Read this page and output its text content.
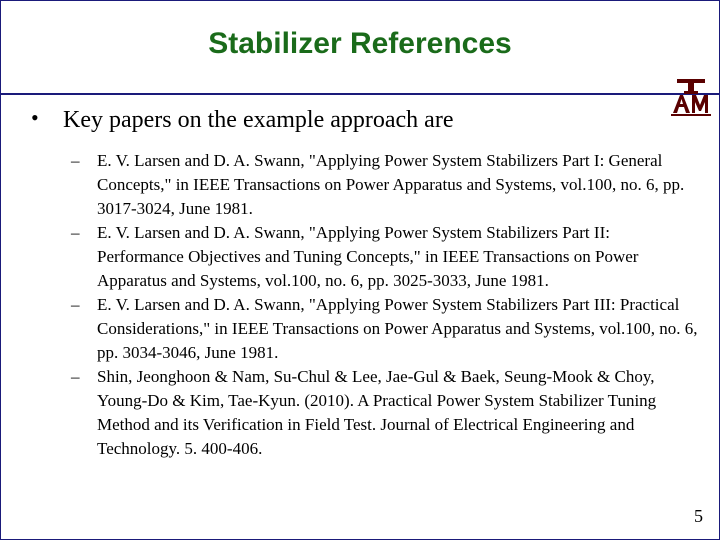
Stabilizer References
• Key papers on the example approach are
– E. V. Larsen and D. A. Swann, "Applying Power System Stabilizers Part I: General Concepts," in IEEE Transactions on Power Apparatus and Systems, vol.100, no. 6, pp. 3017-3024, June 1981.
– E. V. Larsen and D. A. Swann, "Applying Power System Stabilizers Part II: Performance Objectives and Tuning Concepts," in IEEE Transactions on Power Apparatus and Systems, vol.100, no. 6, pp. 3025-3033, June 1981.
– E. V. Larsen and D. A. Swann, "Applying Power System Stabilizers Part III: Practical Considerations," in IEEE Transactions on Power Apparatus and Systems, vol.100, no. 6, pp. 3034-3046, June 1981.
– Shin, Jeonghoon & Nam, Su-Chul & Lee, Jae-Gul & Baek, Seung-Mook & Choy, Young-Do & Kim, Tae-Kyun. (2010). A Practical Power System Stabilizer Tuning Method and its Verification in Field Test. Journal of Electrical Engineering and Technology. 5. 400-406.
5
